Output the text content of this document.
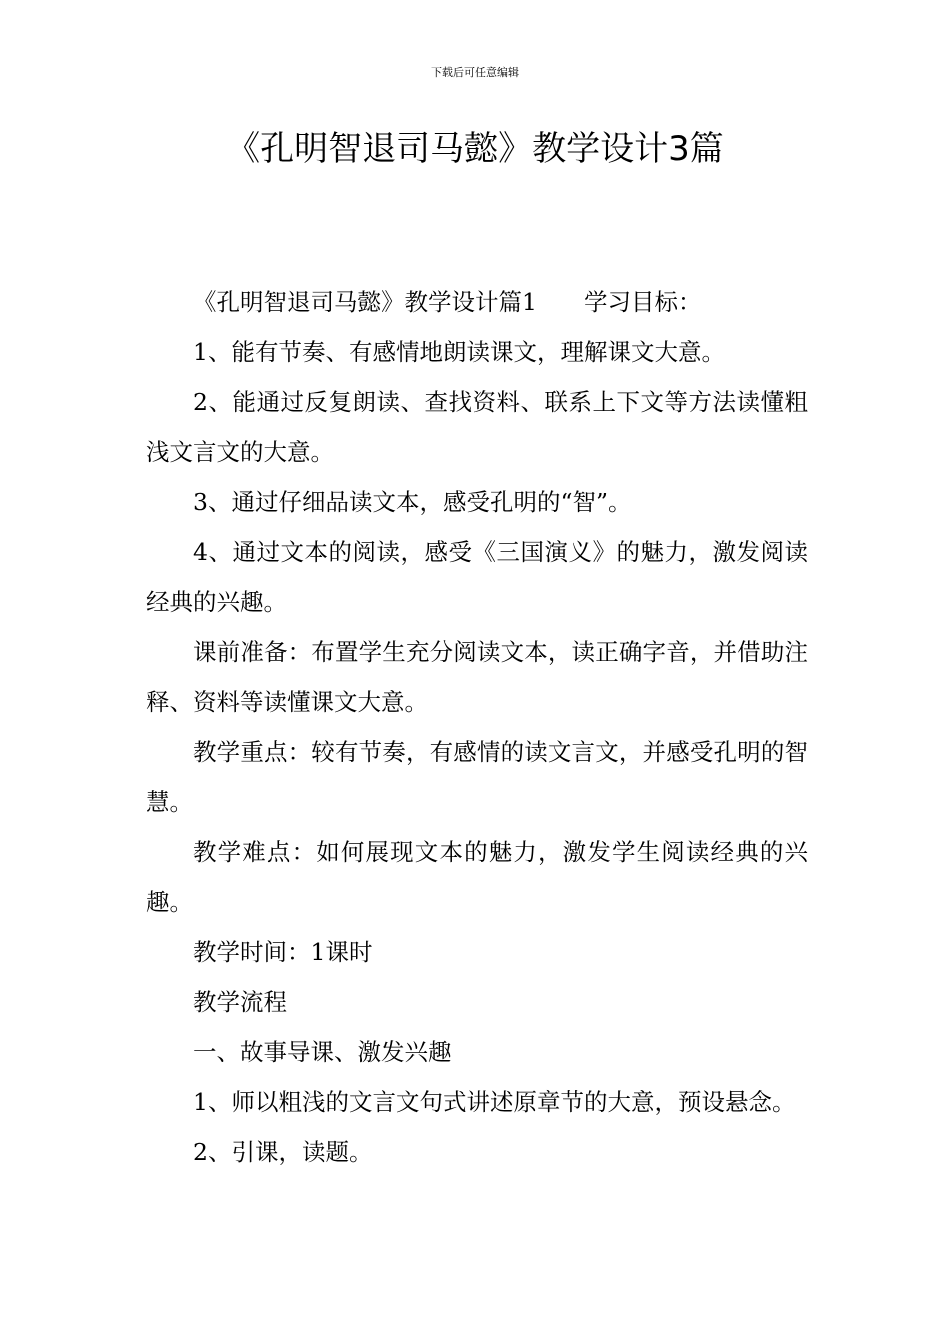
下载后可任意编辑
《孔明智退司马懿》教学设计3篇

《孔明智退司马懿》教学设计篇1　　学习目标：

1、能有节奏、有感情地朗读课文，理解课文大意。

2、能通过反复朗读、查找资料、联系上下文等方法读懂粗浅文言文的大意。

3、通过仔细品读文本，感受孔明的“智”。

4、通过文本的阅读，感受《三国演义》的魅力，激发阅读经典的兴趣。

课前准备：布置学生充分阅读文本，读正确字音，并借助注释、资料等读懂课文大意。

教学重点：较有节奏，有感情的读文言文，并感受孔明的智慧。

教学难点：如何展现文本的魅力，激发学生阅读经典的兴趣。

教学时间：1课时

教学流程

一、故事导课、激发兴趣

1、师以粗浅的文言文句式讲述原章节的大意，预设悬念。

2、引课，读题。
